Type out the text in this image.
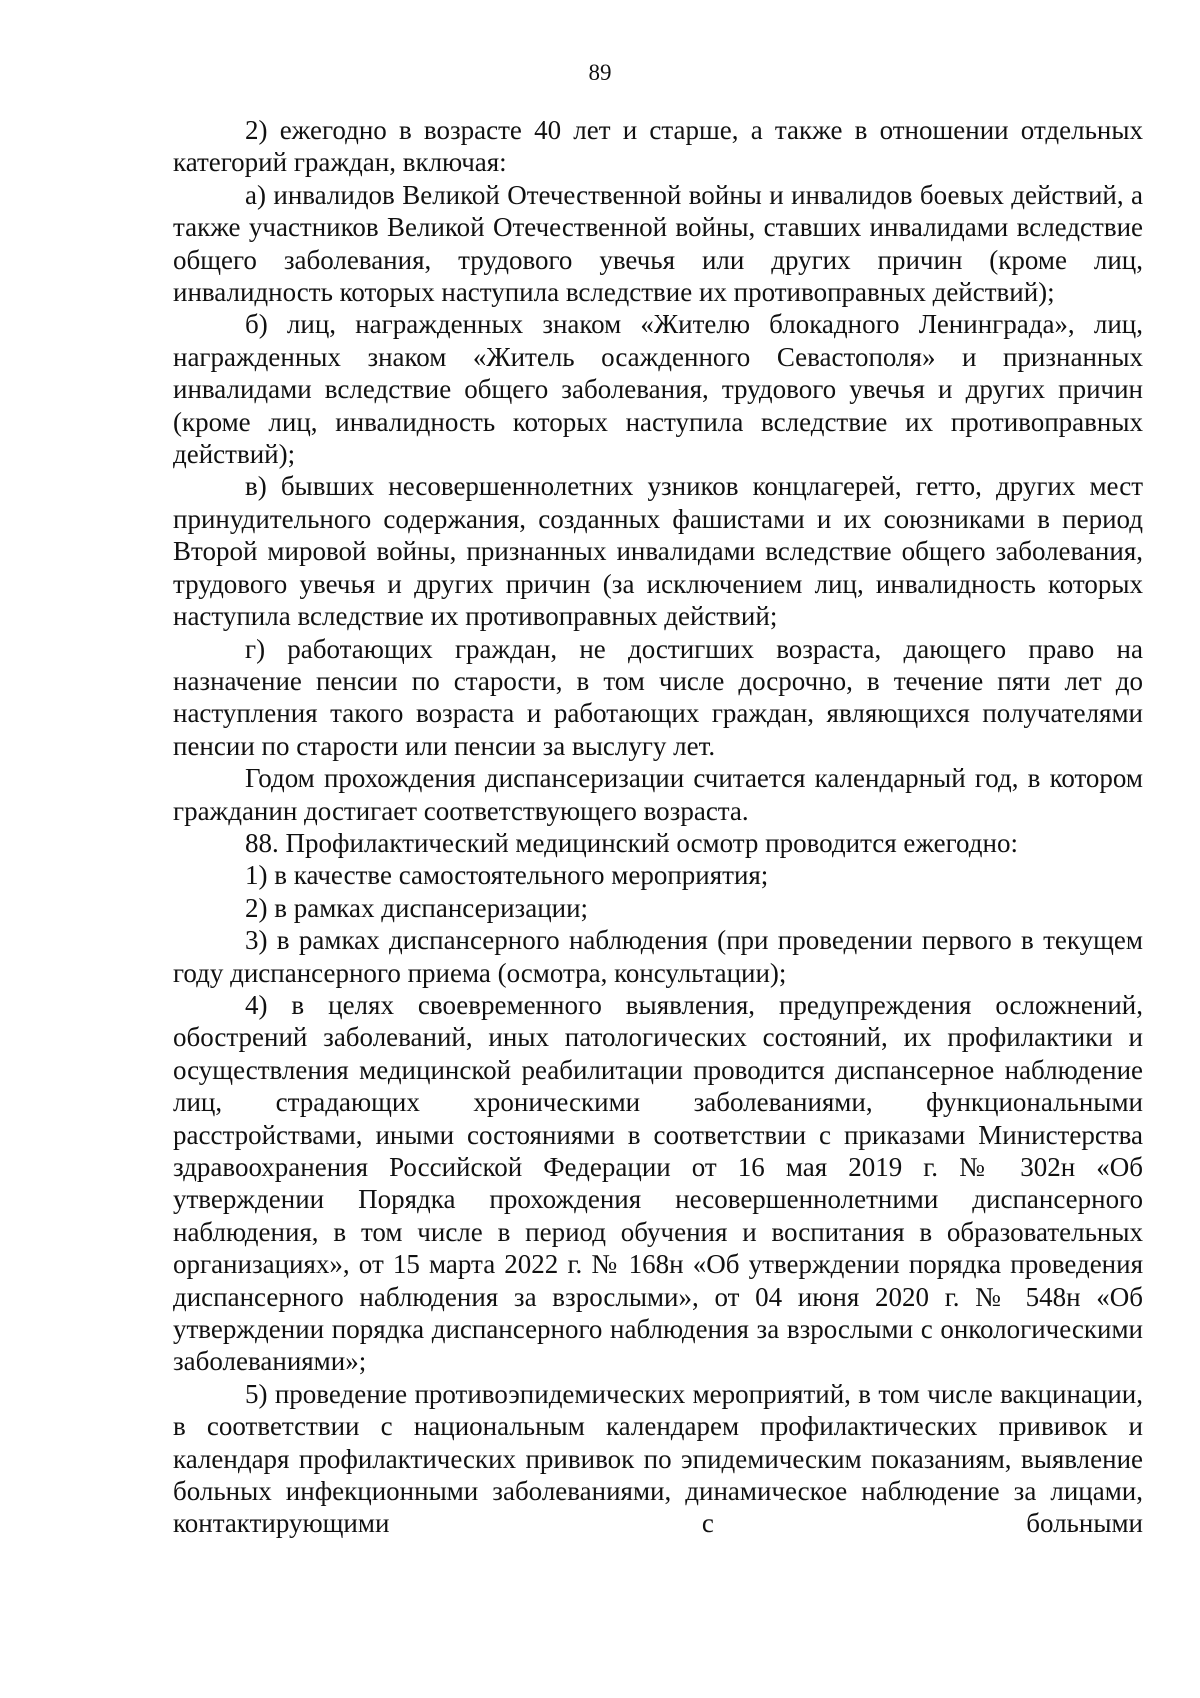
89

2) ежегодно в возрасте 40 лет и старше, а также в отношении отдельных категорий граждан, включая:

а) инвалидов Великой Отечественной войны и инвалидов боевых действий, а также участников Великой Отечественной войны, ставших инвалидами вследствие общего заболевания, трудового увечья или других причин (кроме лиц, инвалидность которых наступила вследствие их противоправных действий);

б) лиц, награжденных знаком «Жителю блокадного Ленинграда», лиц, награжденных знаком «Житель осажденного Севастополя» и признанных инвалидами вследствие общего заболевания, трудового увечья и других причин (кроме лиц, инвалидность которых наступила вследствие их противоправных действий);

в) бывших несовершеннолетних узников концлагерей, гетто, других мест принудительного содержания, созданных фашистами и их союзниками в период Второй мировой войны, признанных инвалидами вследствие общего заболевания, трудового увечья и других причин (за исключением лиц, инвалидность которых наступила вследствие их противоправных действий;

г) работающих граждан, не достигших возраста, дающего право на назначение пенсии по старости, в том числе досрочно, в течение пяти лет до наступления такого возраста и работающих граждан, являющихся получателями пенсии по старости или пенсии за выслугу лет.

Годом прохождения диспансеризации считается календарный год, в котором гражданин достигает соответствующего возраста.

88. Профилактический медицинский осмотр проводится ежегодно:

1) в качестве самостоятельного мероприятия;

2) в рамках диспансеризации;

3) в рамках диспансерного наблюдения (при проведении первого в текущем году диспансерного приема (осмотра, консультации);

4) в целях своевременного выявления, предупреждения осложнений, обострений заболеваний, иных патологических состояний, их профилактики и осуществления медицинской реабилитации проводится диспансерное наблюдение лиц, страдающих хроническими заболеваниями, функциональными расстройствами, иными состояниями в соответствии с приказами Министерства здравоохранения Российской Федерации от 16 мая 2019 г. № 302н «Об утверждении Порядка прохождения несовершеннолетними диспансерного наблюдения, в том числе в период обучения и воспитания в образовательных организациях», от 15 марта 2022 г. № 168н «Об утверждении порядка проведения диспансерного наблюдения за взрослыми», от 04 июня 2020 г. № 548н «Об утверждении порядка диспансерного наблюдения за взрослыми с онкологическими заболеваниями»;

5) проведение противоэпидемических мероприятий, в том числе вакцинации, в соответствии с национальным календарем профилактических прививок и календаря профилактических прививок по эпидемическим показаниям, выявление больных инфекционными заболеваниями, динамическое наблюдение за лицами, контактирующими с больными
